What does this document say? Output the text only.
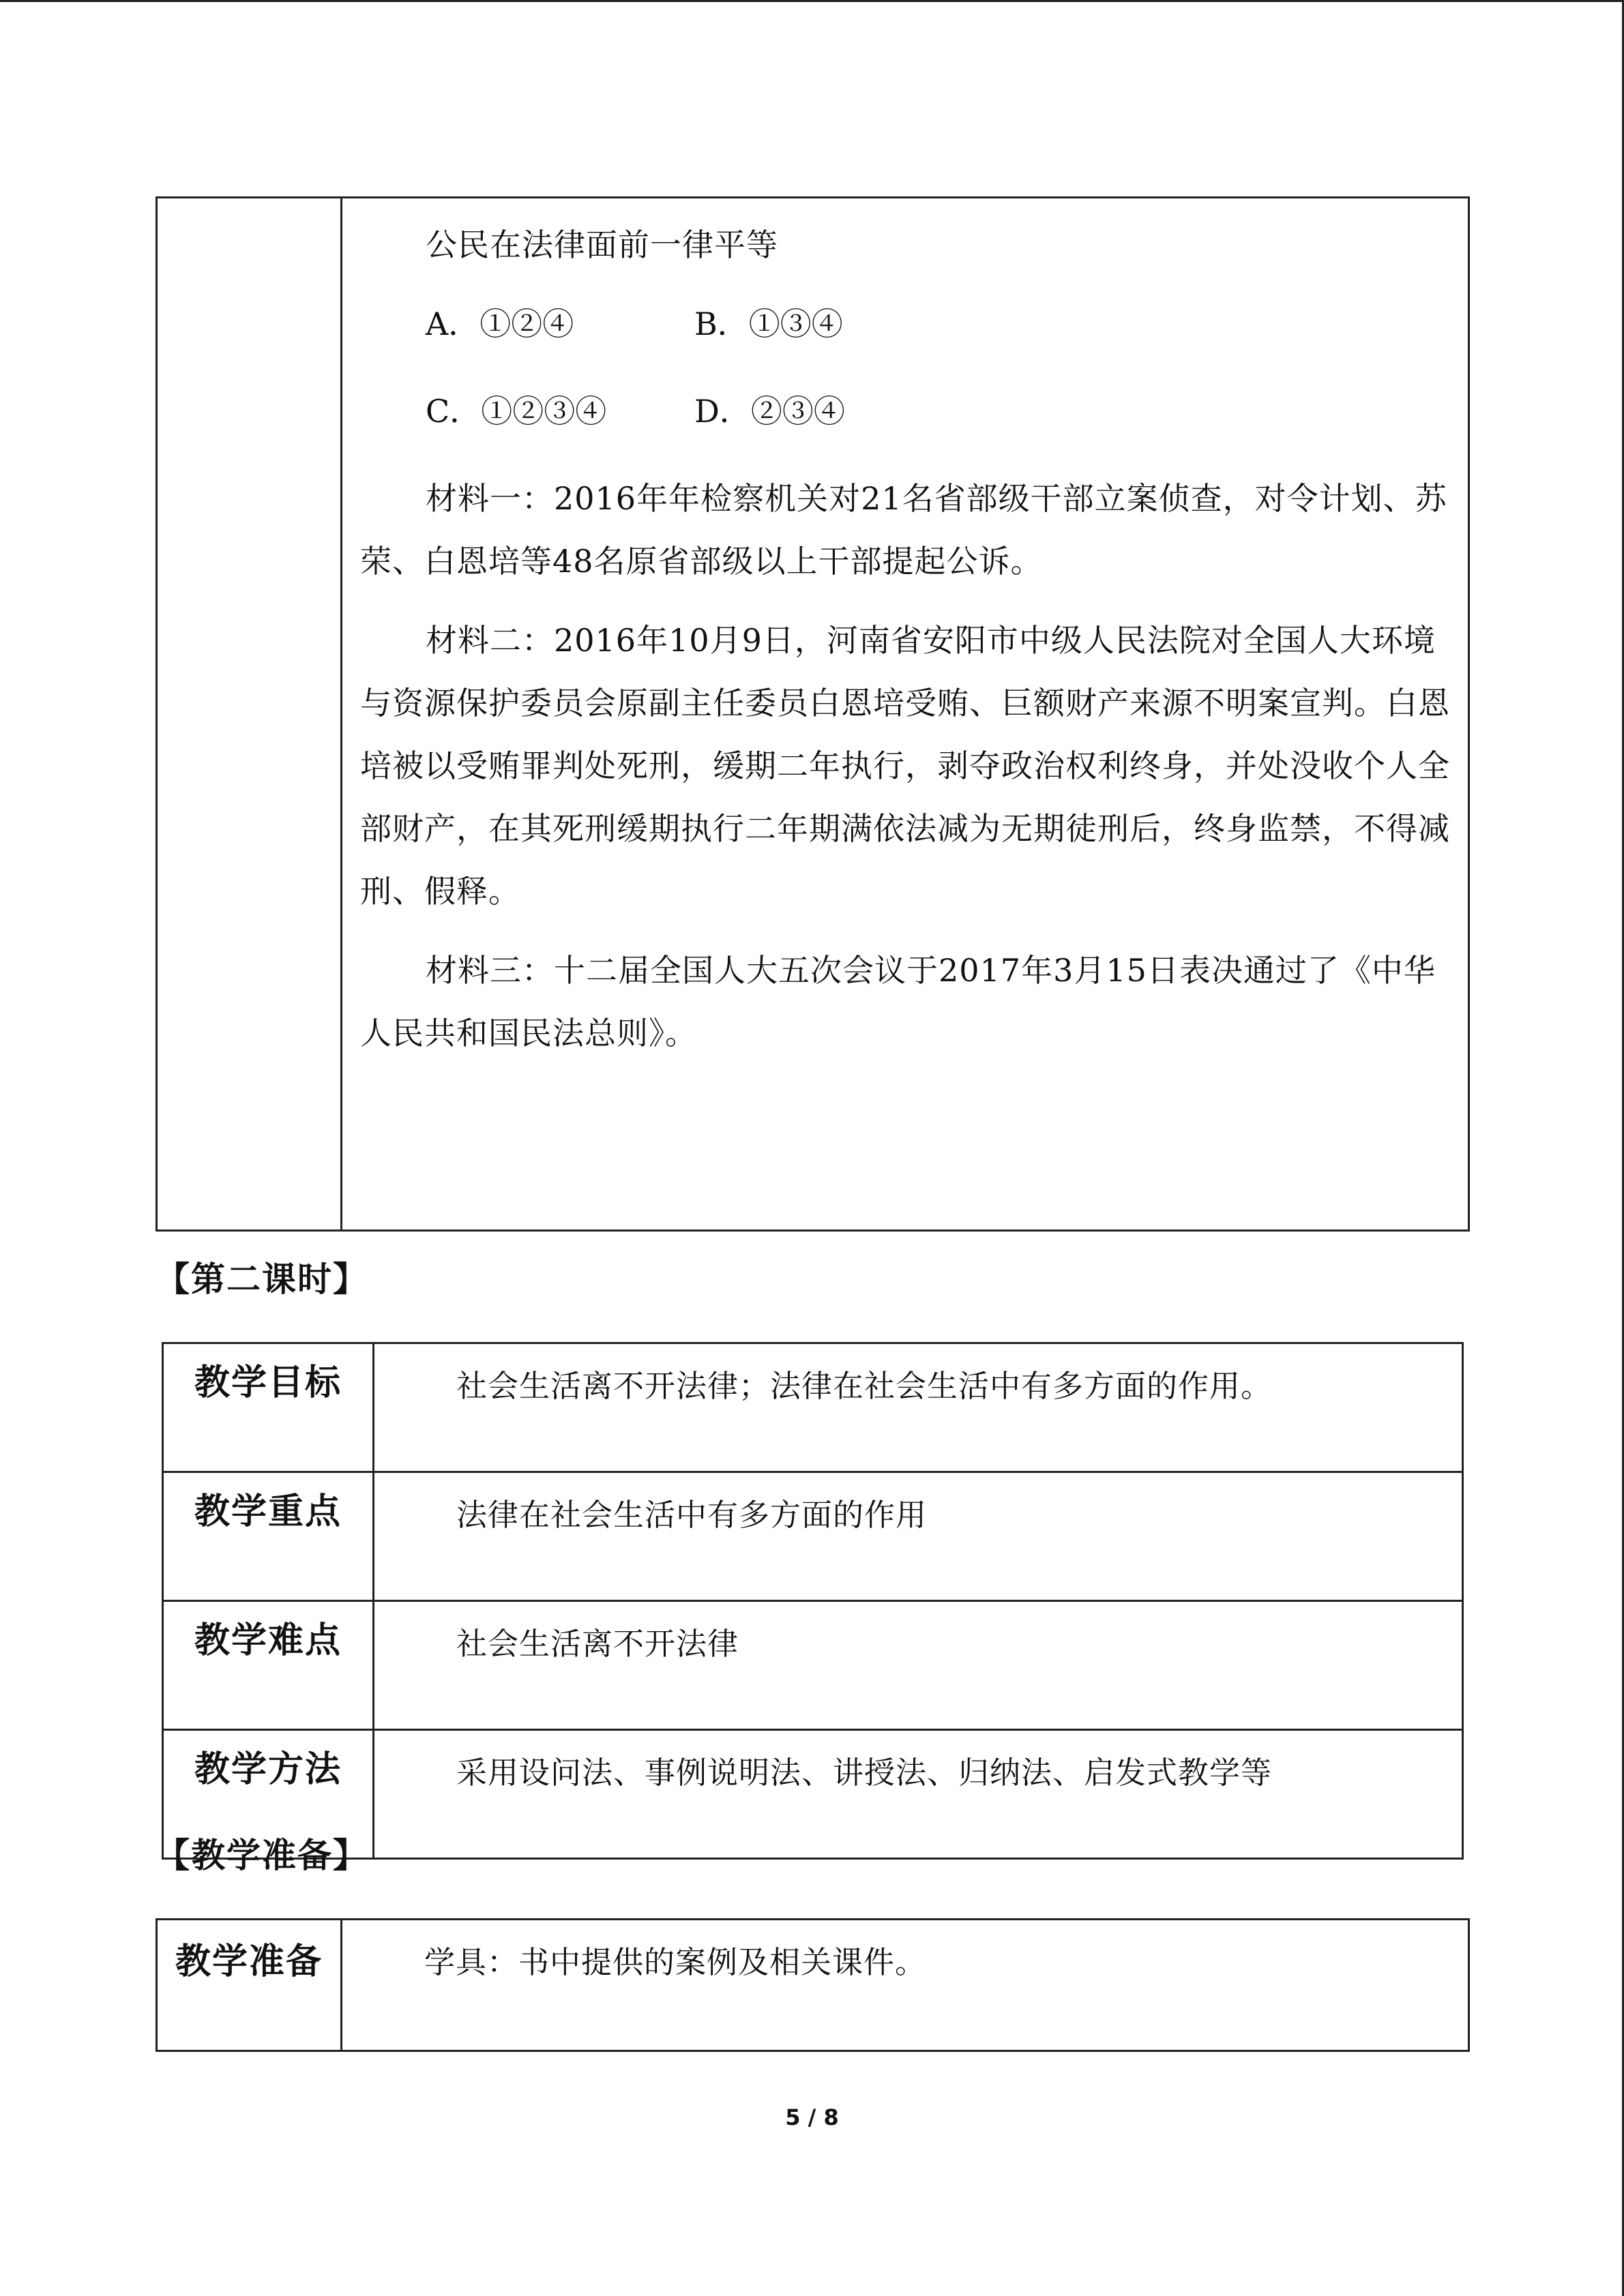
公民在法律面前一律平等

A．①②④	B．①③④
C．①②③④	D．②③④

材料一：2016年年检察机关对21名省部级干部立案侦查，对令计划、苏荣、白恩培等48名原省部级以上干部提起公诉。

材料二：2016年10月9日，河南省安阳市中级人民法院对全国人大环境与资源保护委员会原副主任委员白恩培受贿、巨额财产来源不明案宣判。白恩培被以受贿罪判处死刑，缓期二年执行，剥夺政治权利终身，并处没收个人全部财产，在其死刑缓期执行二年期满依法减为无期徒刑后，终身监禁，不得减刑、假释。

材料三：十二届全国人大五次会议于2017年3月15日表决通过了《中华人民共和国民法总则》。

【第二课时】
教学目标	社会生活离不开法律；法律在社会生活中有多方面的作用。
教学重点	法律在社会生活中有多方面的作用
教学难点	社会生活离不开法律
教学方法	采用设问法、事例说明法、讲授法、归纳法、启发式教学等
【教学准备】
教学准备	学具：书中提供的案例及相关课件。
5 / 8
